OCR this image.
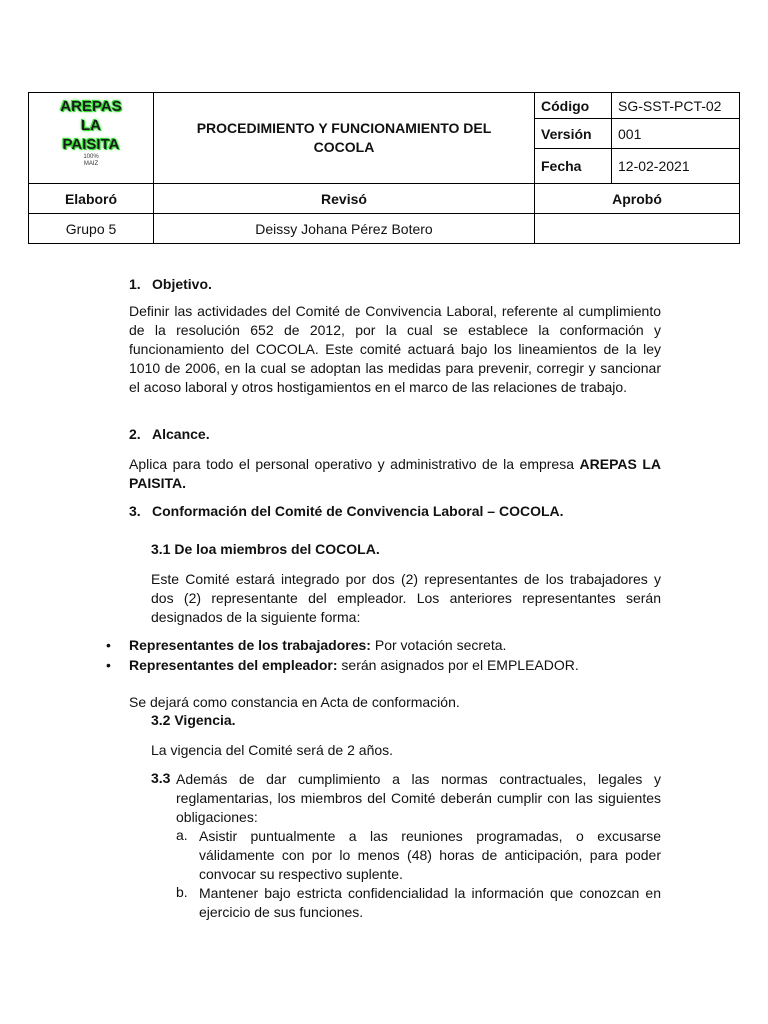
AREPAS
LA
PAISITA
100%
MAIZ	PROCEDIMIENTO Y FUNCIONAMIENTO DEL COCOLA	Código	SG-SST-PCT-02
		Versión	001
		Fecha	12-02-2021
Elaboró	Revisó	Aprobó	
Grupo 5	Deissy Johana Pérez Botero		
1. Objetivo.

Definir las actividades del Comité de Convivencia Laboral, referente al cumplimiento de la resolución 652 de 2012, por la cual se establece la conformación y funcionamiento del COCOLA. Este comité actuará bajo los lineamientos de la ley 1010 de 2006, en la cual se adoptan las medidas para prevenir, corregir y sancionar el acoso laboral y otros hostigamientos en el marco de las relaciones de trabajo.

2. Alcance.

Aplica para todo el personal operativo y administrativo de la empresa AREPAS LA PAISITA.

3. Conformación del Comité de Convivencia Laboral – COCOLA.
3.1 De loa miembros del COCOLA.

Este Comité estará integrado por dos (2) representantes de los trabajadores y dos (2) representante del empleador. Los anteriores representantes serán designados de la siguiente forma:

• Representantes de los trabajadores: Por votación secreta.
• Representantes del empleador: serán asignados por el EMPLEADOR.

Se dejará como constancia en Acta de conformación.

3.2 Vigencia.

La vigencia del Comité será de 2 años.

3.3 Además de dar cumplimiento a las normas contractuales, legales y reglamentarias, los miembros del Comité deberán cumplir con las siguientes obligaciones:

a. Asistir puntualmente a las reuniones programadas, o excusarse válidamente con por lo menos (48) horas de anticipación, para poder convocar su respectivo suplente.

b. Mantener bajo estricta confidencialidad la información que conozcan en ejercicio de sus funciones.
